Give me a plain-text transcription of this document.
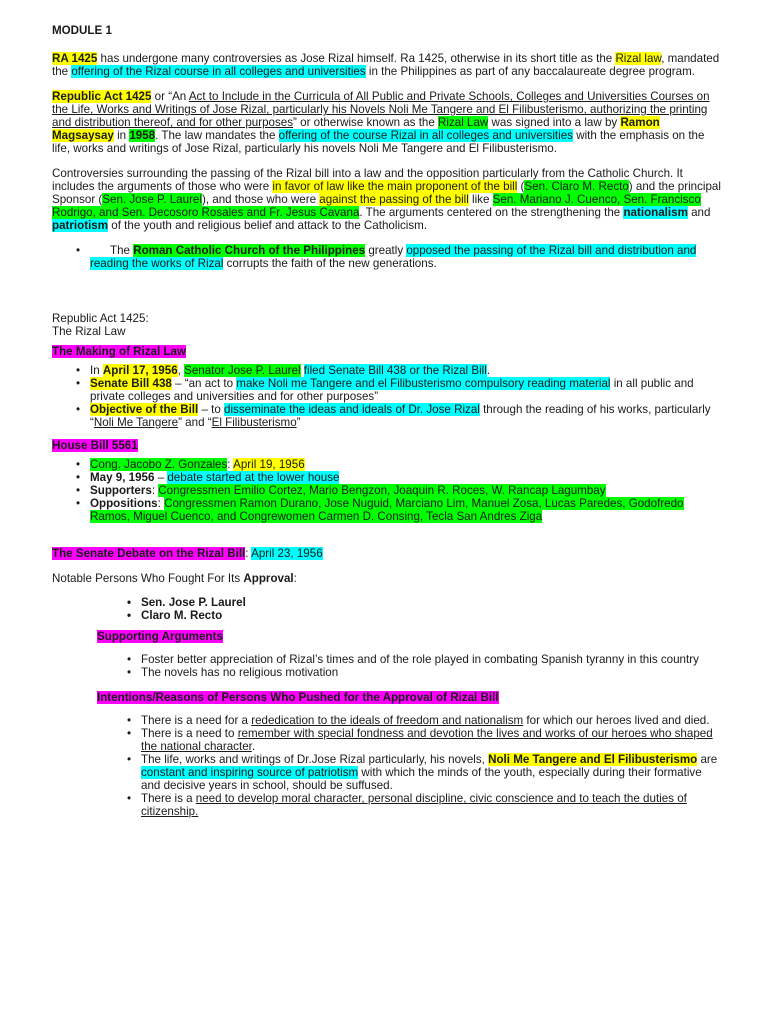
MODULE 1

RA 1425 has undergone many controversies as Jose Rizal himself. Ra 1425, otherwise in its short title as the Rizal law, mandated the offering of the Rizal course in all colleges and universities in the Philippines as part of any baccalaureate degree program.

Republic Act 1425 or “An Act to Include in the Curricula of All Public and Private Schools, Colleges and Universities Courses on the Life, Works and Writings of Jose Rizal, particularly his Novels Noli Me Tangere and El Filibusterismo, authorizing the printing and distribution thereof, and for other purposes” or otherwise known as the Rizal Law was signed into a law by Ramon Magsaysay in 1958. The law mandates the offering of the course Rizal in all colleges and universities with the emphasis on the life, works and writings of Jose Rizal, particularly his novels Noli Me Tangere and El Filibusterismo.

Controversies surrounding the passing of the Rizal bill into a law and the opposition particularly from the Catholic Church. It includes the arguments of those who were in favor of law like the main proponent of the bill (Sen. Claro M. Recto) and the principal Sponsor (Sen. Jose P. Laurel), and those who were against the passing of the bill like Sen. Mariano J. Cuenco, Sen. Francisco Rodrigo, and Sen. Decosoro Rosales and Fr. Jesus Cavana. The arguments centered on the strengthening the nationalism and patriotism of the youth and religious belief and attack to the Catholicism.

• The Roman Catholic Church of the Philippines greatly opposed the passing of the Rizal bill and distribution and reading the works of Rizal corrupts the faith of the new generations.

Republic Act 1425:

The Rizal Law

The Making of Rizal Law

• In April 17, 1956, Senator Jose P. Laurel filed Senate Bill 438 or the Rizal Bill.
• Senate Bill 438 – “an act to make Noli me Tangere and el Filibusterismo compulsory reading material in all public and private colleges and universities and for other purposes”
• Objective of the Bill – to disseminate the ideas and ideals of Dr. Jose Rizal through the reading of his works, particularly “Noli Me Tangere” and “El Filibusterismo”

House Bill 5561

• Cong. Jacobo Z. Gonzales: April 19, 1956
• May 9, 1956 – debate started at the lower house
• Supporters: Congressmen Emilio Cortez, Mario Bengzon, Joaquin R. Roces, W. Rancap Lagumbay
• Oppositions: Congressmen Ramon Durano, Jose Nuguid, Marciano Lim, Manuel Zosa, Lucas Paredes, Godofredo Ramos, Miguel Cuenco, and Congrewomen Carmen D. Consing, Tecla San Andres Ziga

The Senate Debate on the Rizal Bill: April 23, 1956

Notable Persons Who Fought For Its Approval:

• Sen. Jose P. Laurel
• Claro M. Recto

Supporting Arguments

• Foster better appreciation of Rizal’s times and of the role played in combating Spanish tyranny in this country
• The novels has no religious motivation

Intentions/Reasons of Persons Who Pushed for the Approval of Rizal Bill

• There is a need for a rededication to the ideals of freedom and nationalism for which our heroes lived and died.
• There is a need to remember with special fondness and devotion the lives and works of our heroes who shaped the national character.
• The life, works and writings of Dr.Jose Rizal particularly, his novels, Noli Me Tangere and El Filibusterismo are constant and inspiring source of patriotism with which the minds of the youth, especially during their formative and decisive years in school, should be suffused.
• There is a need to develop moral character, personal discipline, civic conscience and to teach the duties of citizenship.
